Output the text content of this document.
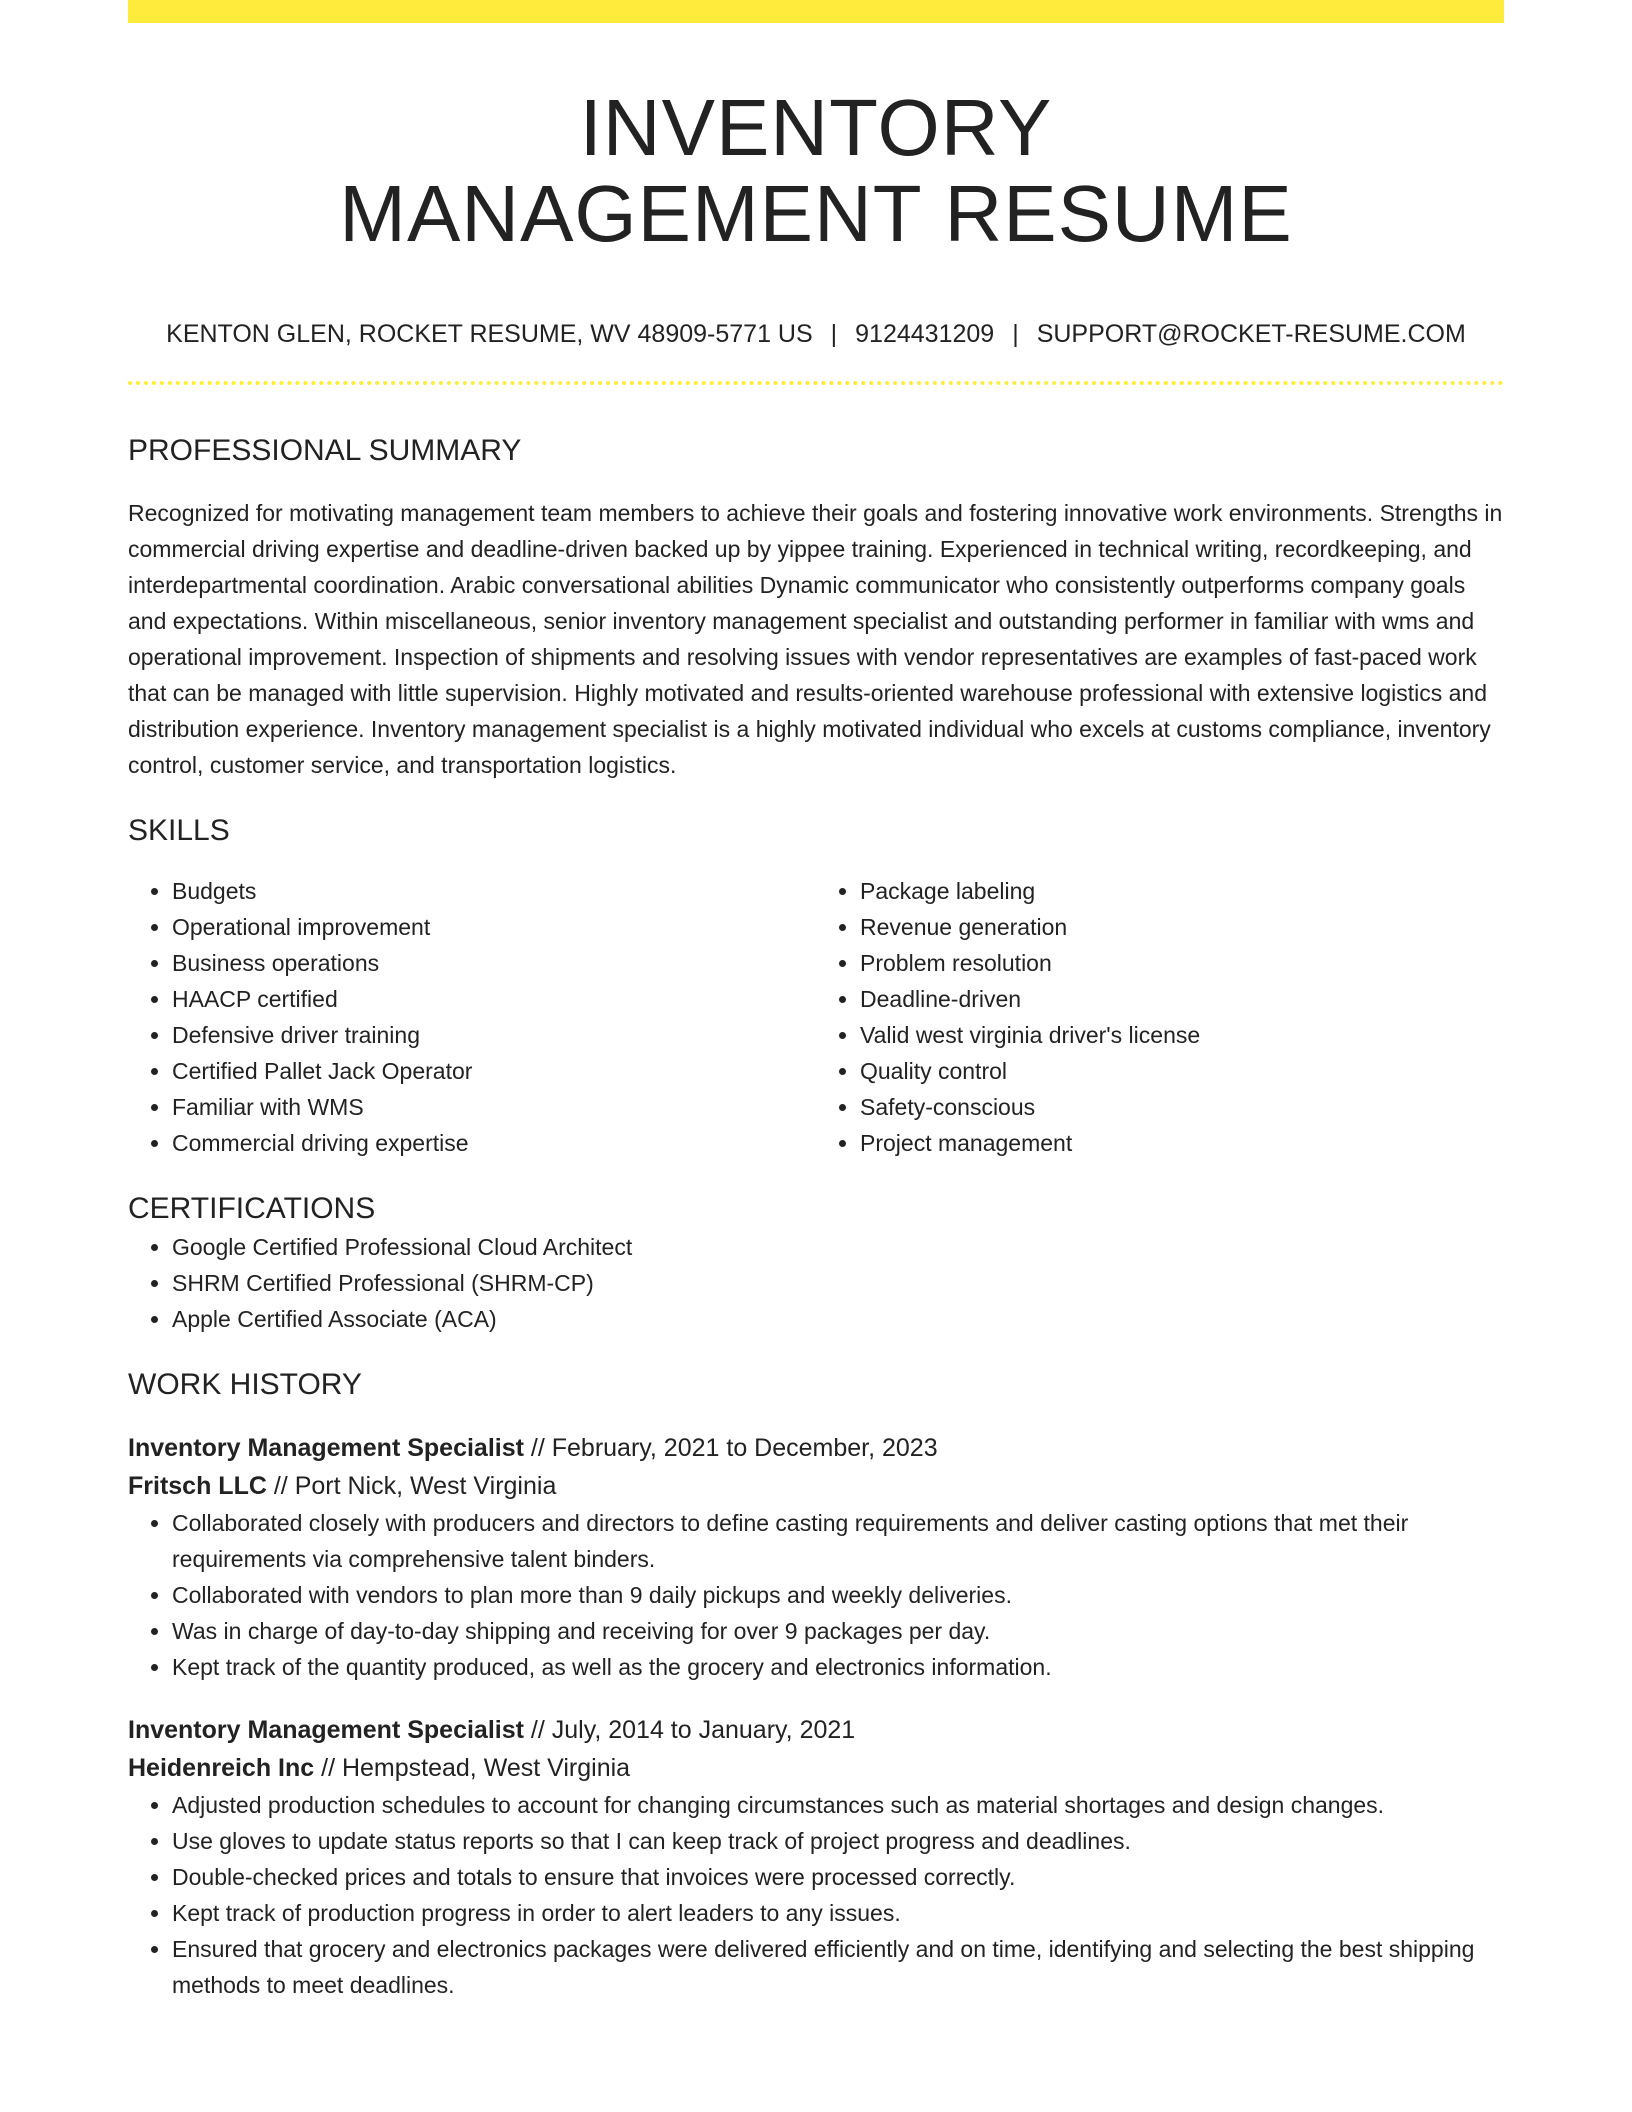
INVENTORY
MANAGEMENT RESUME
KENTON GLEN, ROCKET RESUME, WV 48909-5771 US | 9124431209 | SUPPORT@ROCKET-RESUME.COM
PROFESSIONAL SUMMARY

Recognized for motivating management team members to achieve their goals and fostering innovative work environments. Strengths in commercial driving expertise and deadline-driven backed up by yippee training. Experienced in technical writing, recordkeeping, and interdepartmental coordination. Arabic conversational abilities Dynamic communicator who consistently outperforms company goals and expectations. Within miscellaneous, senior inventory management specialist and outstanding performer in familiar with wms and operational improvement. Inspection of shipments and resolving issues with vendor representatives are examples of fast-paced work that can be managed with little supervision. Highly motivated and results-oriented warehouse professional with extensive logistics and distribution experience. Inventory management specialist is a highly motivated individual who excels at customs compliance, inventory control, customer service, and transportation logistics.

SKILLS
• Budgets
• Operational improvement
• Business operations
• HAACP certified
• Defensive driver training
• Certified Pallet Jack Operator
• Familiar with WMS
• Commercial driving expertise
• Package labeling
• Revenue generation
• Problem resolution
• Deadline-driven
• Valid west virginia driver's license
• Quality control
• Safety-conscious
• Project management
CERTIFICATIONS
• Google Certified Professional Cloud Architect
• SHRM Certified Professional (SHRM-CP)
• Apple Certified Associate (ACA)
WORK HISTORY
Inventory Management Specialist // February, 2021 to December, 2023
Fritsch LLC // Port Nick, West Virginia
• Collaborated closely with producers and directors to define casting requirements and deliver casting options that met their requirements via comprehensive talent binders.
• Collaborated with vendors to plan more than 9 daily pickups and weekly deliveries.
• Was in charge of day-to-day shipping and receiving for over 9 packages per day.
• Kept track of the quantity produced, as well as the grocery and electronics information.
Inventory Management Specialist // July, 2014 to January, 2021
Heidenreich Inc // Hempstead, West Virginia
• Adjusted production schedules to account for changing circumstances such as material shortages and design changes.
• Use gloves to update status reports so that I can keep track of project progress and deadlines.
• Double-checked prices and totals to ensure that invoices were processed correctly.
• Kept track of production progress in order to alert leaders to any issues.
• Ensured that grocery and electronics packages were delivered efficiently and on time, identifying and selecting the best shipping methods to meet deadlines.
